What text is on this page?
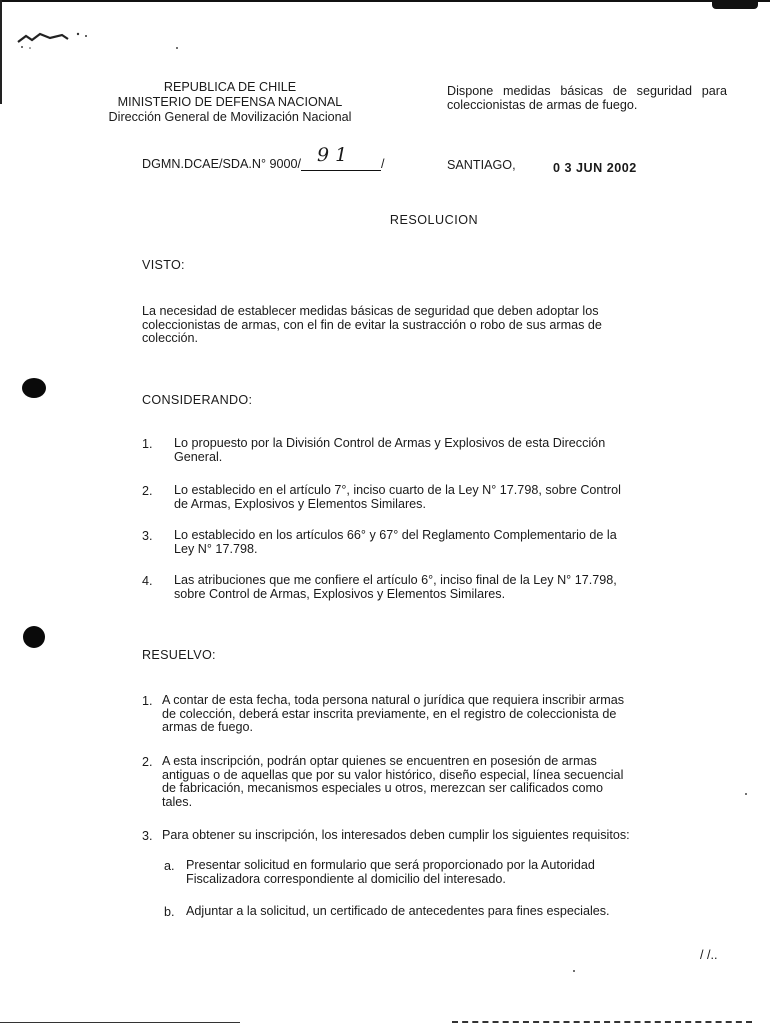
REPUBLICA DE CHILE
MINISTERIO DE DEFENSA NACIONAL
Dirección General de Movilización Nacional
Dispone medidas básicas de seguridad para coleccionistas de armas de fuego.
DGMN.DCAE/SDA.N° 9000/ 9 1	/	SANTIAGO,	0 3 JUN 2002
RESOLUCION
VISTO:
La necesidad de establecer medidas básicas de seguridad que deben adoptar los
coleccionistas de armas, con el fin de evitar la sustracción o robo de sus armas de
colección.
CONSIDERANDO:
1. Lo propuesto por la División Control de Armas y Explosivos de esta Dirección
General.
2. Lo establecido en el artículo 7°, inciso cuarto de la Ley N° 17.798, sobre Control
de Armas, Explosivos y Elementos Similares.
3. Lo establecido en los artículos 66° y 67° del Reglamento Complementario de la
Ley N° 17.798.
4. Las atribuciones que me confiere el artículo 6°, inciso final de la Ley N° 17.798,
sobre Control de Armas, Explosivos y Elementos Similares.
RESUELVO:
1. A contar de esta fecha, toda persona natural o jurídica que requiera inscribir armas
de colección, deberá estar inscrita previamente, en el registro de coleccionista de
armas de fuego.
2. A esta inscripción, podrán optar quienes se encuentren en posesión de armas
antiguas o de aquellas que por su valor histórico, diseño especial, línea secuencial
de fabricación, mecanismos especiales u otros, merezcan ser calificados como
tales.
3. Para obtener su inscripción, los interesados deben cumplir los siguientes requisitos:
a. Presentar solicitud en formulario que será proporcionado por la Autoridad
Fiscalizadora correspondiente al domicilio del interesado.
b. Adjuntar a la solicitud, un certificado de antecedentes para fines especiales.
/ /..
